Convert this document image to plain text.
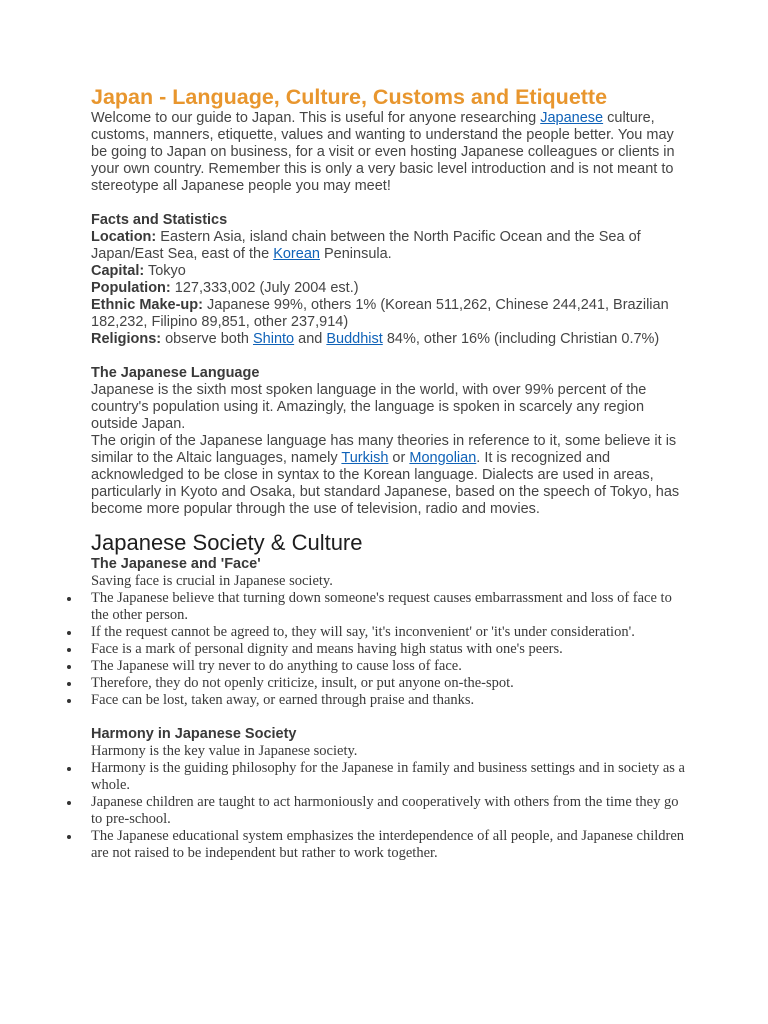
Japan - Language, Culture, Customs and Etiquette

Welcome to our guide to Japan. This is useful for anyone researching Japanese culture, customs, manners, etiquette, values and wanting to understand the people better. You may be going to Japan on business, for a visit or even hosting Japanese colleagues or clients in your own country. Remember this is only a very basic level introduction and is not meant to stereotype all Japanese people you may meet!

Facts and Statistics

Location: Eastern Asia, island chain between the North Pacific Ocean and the Sea of Japan/East Sea, east of the Korean Peninsula.

Capital: Tokyo

Population: 127,333,002 (July 2004 est.)

Ethnic Make-up: Japanese 99%, others 1% (Korean 511,262, Chinese 244,241, Brazilian 182,232, Filipino 89,851, other 237,914)

Religions: observe both Shinto and Buddhist 84%, other 16% (including Christian 0.7%)

The Japanese Language

Japanese is the sixth most spoken language in the world, with over 99% percent of the country's population using it. Amazingly, the language is spoken in scarcely any region outside Japan.

The origin of the Japanese language has many theories in reference to it, some believe it is similar to the Altaic languages, namely Turkish or Mongolian. It is recognized and acknowledged to be close in syntax to the Korean language. Dialects are used in areas, particularly in Kyoto and Osaka, but standard Japanese, based on the speech of Tokyo, has become more popular through the use of television, radio and movies.

Japanese Society & Culture

The Japanese and 'Face'

Saving face is crucial in Japanese society.

The Japanese believe that turning down someone's request causes embarrassment and loss of face to the other person.
If the request cannot be agreed to, they will say, 'it's inconvenient' or 'it's under consideration'.
Face is a mark of personal dignity and means having high status with one's peers.
The Japanese will try never to do anything to cause loss of face.
Therefore, they do not openly criticize, insult, or put anyone on-the-spot.
Face can be lost, taken away, or earned through praise and thanks.

Harmony in Japanese Society

Harmony is the key value in Japanese society.

Harmony is the guiding philosophy for the Japanese in family and business settings and in society as a whole.
Japanese children are taught to act harmoniously and cooperatively with others from the time they go to pre-school.
The Japanese educational system emphasizes the interdependence of all people, and Japanese children are not raised to be independent but rather to work together.
